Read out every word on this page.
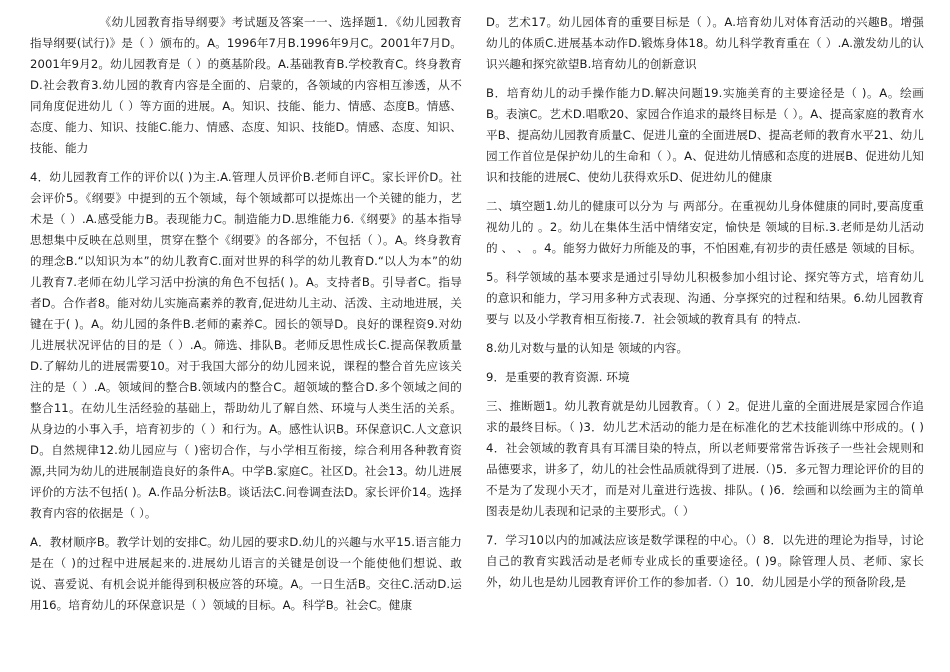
《幼儿园教育指导纲要》考试题及答案一一、选择题1．《幼儿园教育指导纲要(试行)》是（ ）颁布的。A。1996年7月B.1996年9月C。2001年7月D。2001年9月2。幼儿园教育是（ ）的奠基阶段。A.基础教育B.学校教育C。终身教育D.社会教育3.幼儿园的教育内容是全面的、启蒙的，各领域的内容相互渗透，从不同角度促进幼儿（ ）等方面的进展。A。知识、技能、能力、情感、态度B。情感、态度、能力、知识、技能C.能力、情感、态度、知识、技能D。情感、态度、知识、技能、能力

4．幼儿园教育工作的评价以( )为主.A.管理人员评价B.老师自评C。家长评价D。社会评价5。《纲要》中提到的五个领域，每个领域都可以提炼出一个关键的能力，艺术是（ ）.A.感受能力B。表现能力C。制造能力D.思维能力6.《纲要》的基本指导思想集中反映在总则里，贯穿在整个《纲要》的各部分，不包括（ ）。A。终身教育的理念B.“以知识为本”的幼儿教育C.面对世界的科学的幼儿教育D.“以人为本”的幼儿教育7.老师在幼儿学习活中扮演的角色不包括( )。A。支持者B。引导者C。指导者D。合作者8。能对幼儿实施高素养的教育,促进幼儿主动、活泼、主动地进展，关键在于( )。A。幼儿园的条件B.老师的素养C。园长的领导D。良好的课程资9.对幼儿进展状况评估的目的是（ ）.A。筛选、排队B。老师反思性成长C.提高保教质量D.了解幼儿的进展需要10。对于我国大部分的幼儿园来说，课程的整合首先应该关注的是（ ）.A。领域间的整合B.领域内的整合C。超领域的整合D.多个领域之间的整合11。在幼儿生活经验的基础上，帮助幼儿了解自然、环境与人类生活的关系。从身边的小事入手，培育初步的（ ）和行为。A。感性认识B。环保意识C.人文意识D。自然规律12.幼儿园应与（ )密切合作，与小学相互衔接，综合利用各种教育资源,共同为幼儿的进展制造良好的条件A。中学B.家庭C。社区D。社会13。幼儿进展评价的方法不包括( )。A.作品分析法B。谈话法C.问卷调查法D。家长评价14。选择教育内容的依据是（ ）。

A．教材顺序B。教学计划的安排C。幼儿园的要求D.幼儿的兴趣与水平15.语言能力是在（ )的过程中进展起来的.进展幼儿语言的关键是创设一个能使他们想说、敢说、喜爱说、有机会说并能得到积极应答的环境。A。一日生活B。交往C.活动D.运用16。培育幼儿的环保意识是（ ）领域的目标。A。科学B。社会C。健康

D。艺术17。幼儿园体育的重要目标是（ ）。A.培育幼儿对体育活动的兴趣B。增强幼儿的体质C.进展基本动作D.锻炼身体18。幼儿科学教育重在（ ）.A.激发幼儿的认识兴趣和探究欲望B.培育幼儿的创新意识

B．培育幼儿的动手操作能力D.解决问题19.实施美育的主要途径是（ )。A。绘画B。表演C。艺术D.唱歌20、家园合作追求的最终目标是（ ）。A、提高家庭的教育水平B、提高幼儿园教育质量C、促进儿童的全面进展D、提高老师的教育水平21、幼儿园工作首位是保护幼儿的生命和（ ）。A、促进幼儿情感和态度的进展B、促进幼儿知识和技能的进展C、使幼儿获得欢乐D、促进幼儿的健康

二、填空题1.幼儿的健康可以分为 与 两部分。在重视幼儿身体健康的同时,要高度重视幼儿的 。2。幼儿在集体生活中情绪安定，愉快是 领域的目标.3.老师是幼儿活动的 、 、 。4。能努力做好力所能及的事，不怕困难,有初步的责任感是 领域的目标。

5。科学领域的基本要求是通过引导幼儿积极参加小组讨论、探究等方式，培育幼儿的意识和能力，学习用多种方式表现、沟通、分享探究的过程和结果。6.幼儿园教育要与 以及小学教育相互衔接.7．社会领域的教育具有 的特点.

8.幼儿对数与量的认知是 领域的内容。

9．是重要的教育资源. 环境

三、推断题1。幼儿教育就是幼儿园教育。（ ）2。促进儿童的全面进展是家园合作追求的最终目标。（ )3．幼儿艺术活动的能力是在标准化的艺术技能训练中形成的。( )4．社会领域的教育具有耳濡目染的特点，所以老师要常常告诉孩子一些社会规则和品德要求，讲多了，幼儿的社会性品质就得到了进展.（)5．多元智力理论评价的目的不是为了发现小天才，而是对儿童进行选拔、排队。( )6．绘画和以绘画为主的简单图表是幼儿表现和记录的主要形式。（ ）

7．学习10以内的加减法应该是数学课程的中心。（）8．以先进的理论为指导，讨论自己的教育实践活动是老师专业成长的重要途径。( )9。除管理人员、老师、家长外，幼儿也是幼儿园教育评价工作的参加者.（）10．幼儿园是小学的预备阶段,是
